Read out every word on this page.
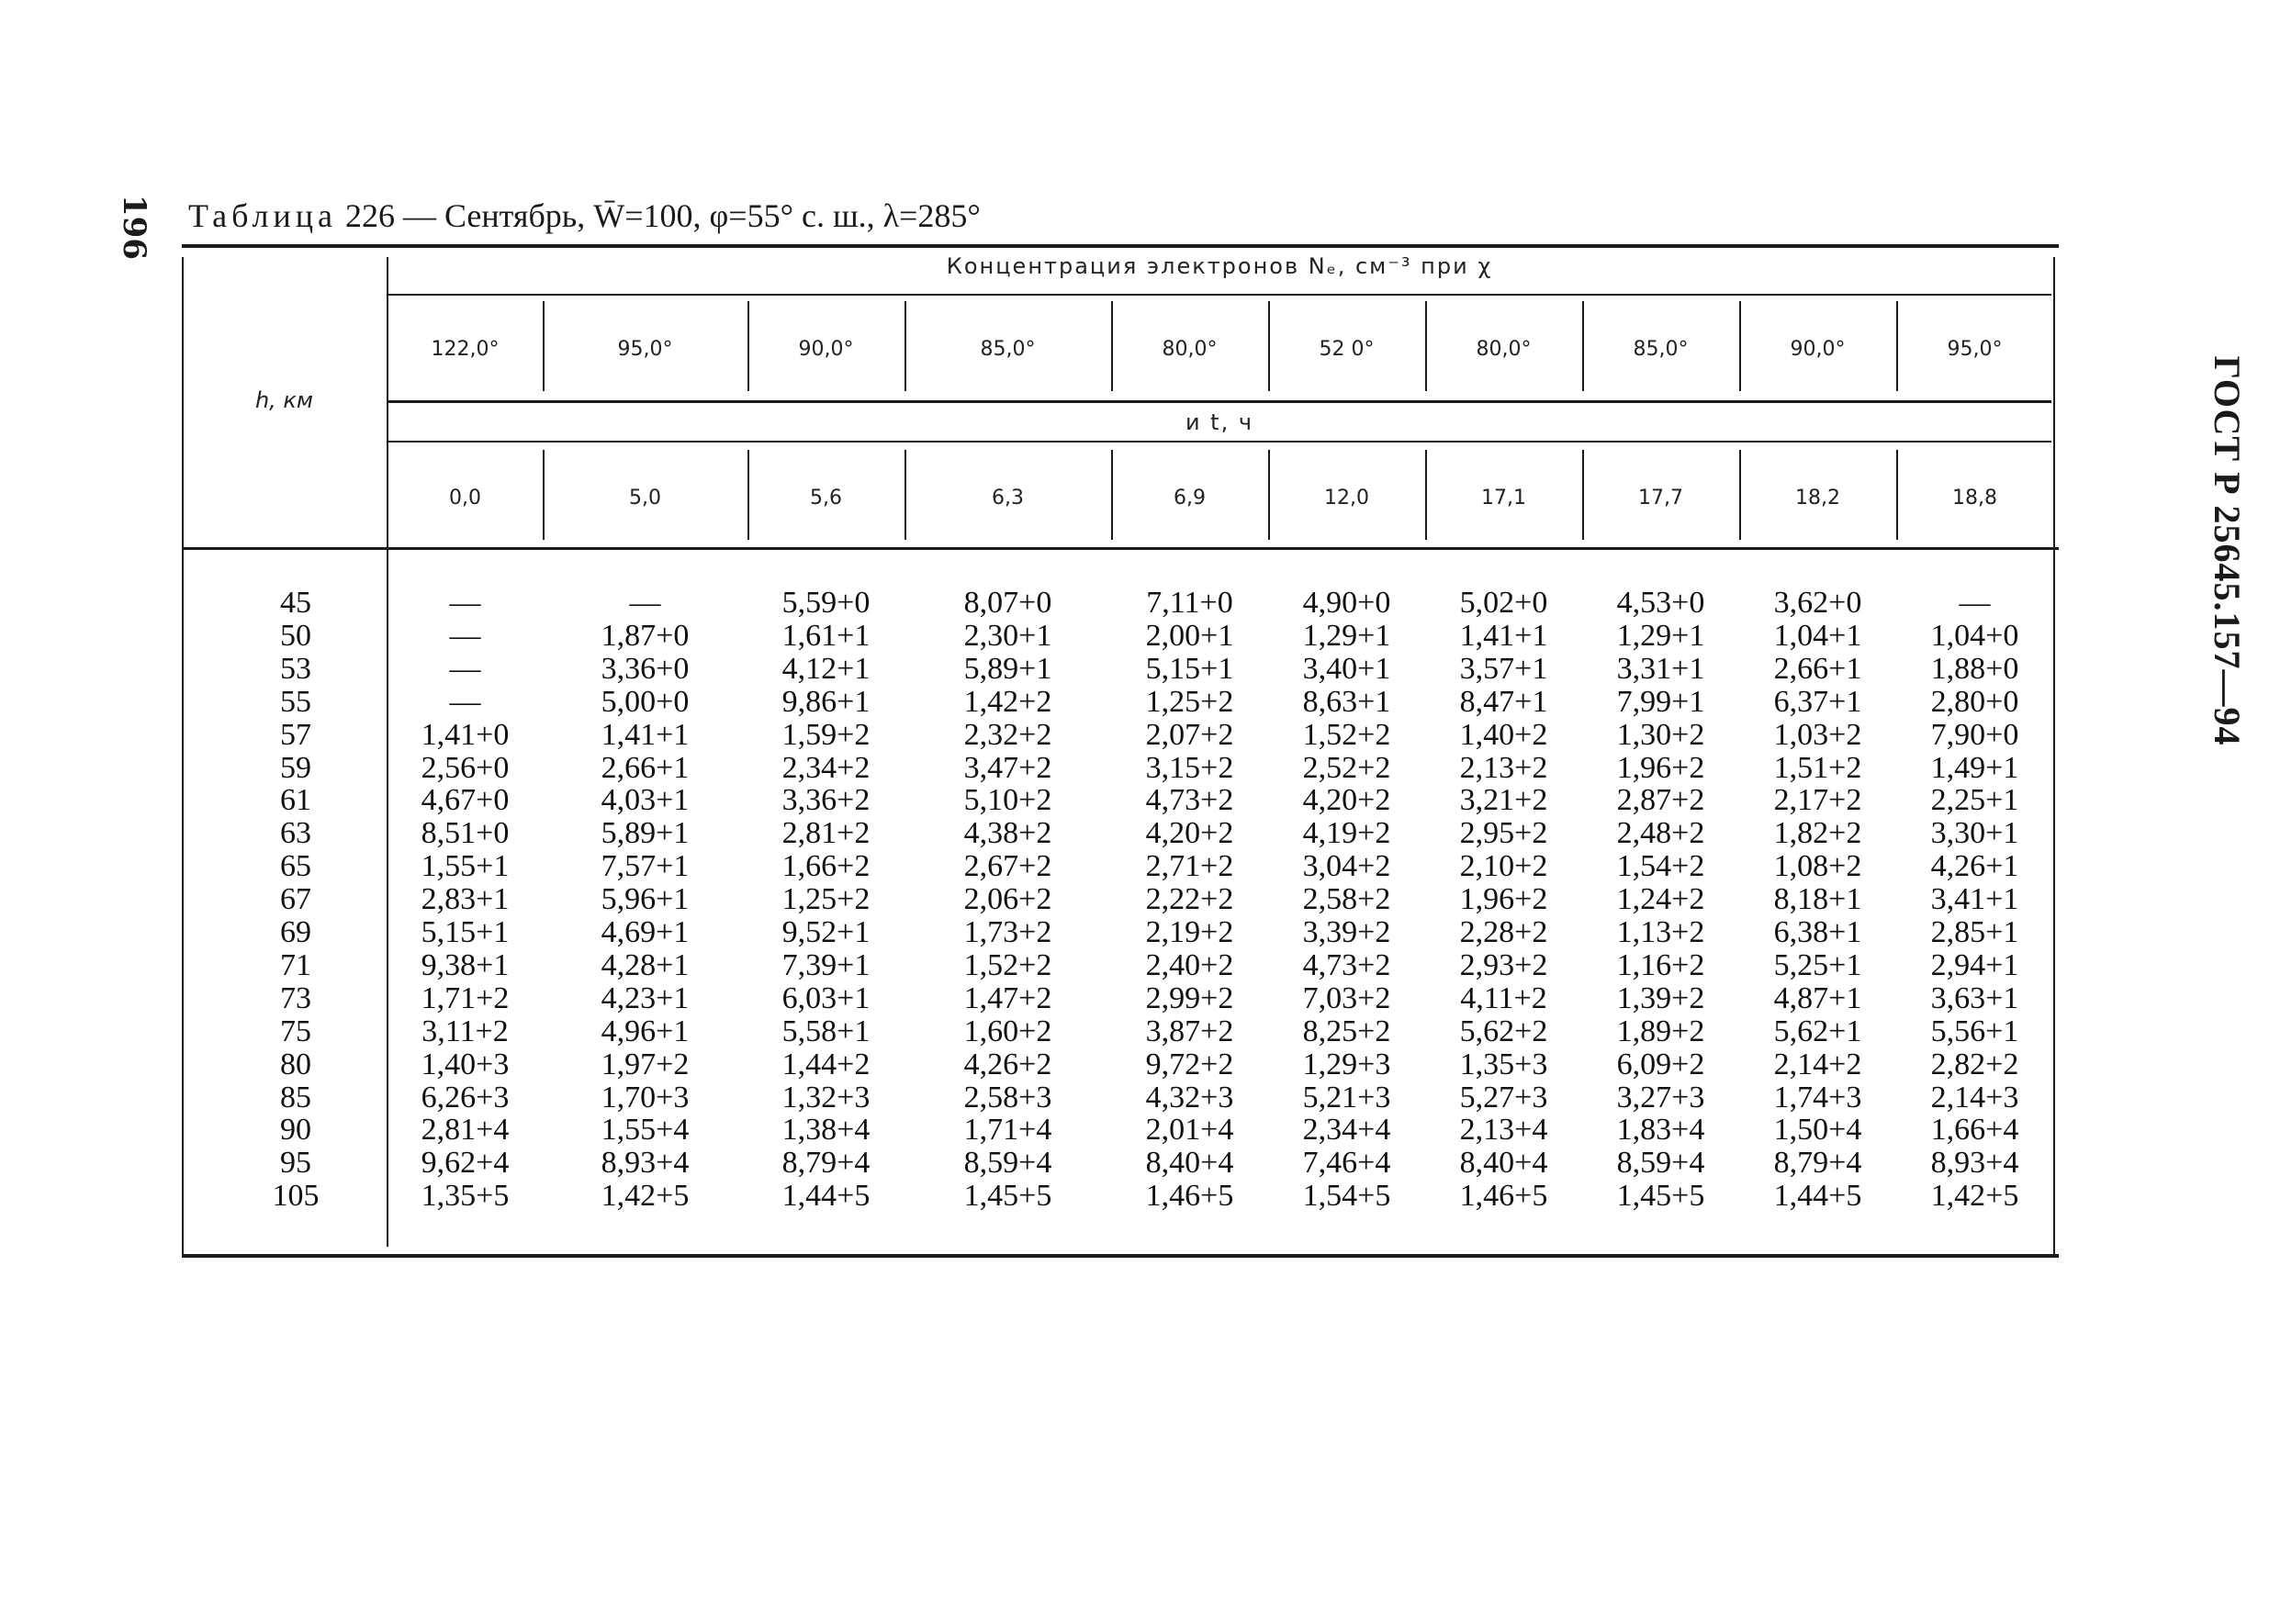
196
ГОСТ Р 25645.157—94
Таблица 226 — Сентябрь, W̄=100, φ=55° с. ш., λ=285°
h, км
Концентрация электронов Nₑ, см⁻³ при χ
и t, ч
122,0°	95,0°	90,0°	85,0°	80,0°	52 0°	80,0°	85,0°	90,0°	95,0°
0,0	5,0	5,6	6,3	6,9	12,0	17,1	17,7	18,2	18,8
45	—	—	5,59+0	8,07+0	7,11+0	4,90+0	5,02+0	4,53+0	3,62+0	—
50	—	1,87+0	1,61+1	2,30+1	2,00+1	1,29+1	1,41+1	1,29+1	1,04+1	1,04+0
53	—	3,36+0	4,12+1	5,89+1	5,15+1	3,40+1	3,57+1	3,31+1	2,66+1	1,88+0
55	—	5,00+0	9,86+1	1,42+2	1,25+2	8,63+1	8,47+1	7,99+1	6,37+1	2,80+0
57	1,41+0	1,41+1	1,59+2	2,32+2	2,07+2	1,52+2	1,40+2	1,30+2	1,03+2	7,90+0
59	2,56+0	2,66+1	2,34+2	3,47+2	3,15+2	2,52+2	2,13+2	1,96+2	1,51+2	1,49+1
61	4,67+0	4,03+1	3,36+2	5,10+2	4,73+2	4,20+2	3,21+2	2,87+2	2,17+2	2,25+1
63	8,51+0	5,89+1	2,81+2	4,38+2	4,20+2	4,19+2	2,95+2	2,48+2	1,82+2	3,30+1
65	1,55+1	7,57+1	1,66+2	2,67+2	2,71+2	3,04+2	2,10+2	1,54+2	1,08+2	4,26+1
67	2,83+1	5,96+1	1,25+2	2,06+2	2,22+2	2,58+2	1,96+2	1,24+2	8,18+1	3,41+1
69	5,15+1	4,69+1	9,52+1	1,73+2	2,19+2	3,39+2	2,28+2	1,13+2	6,38+1	2,85+1
71	9,38+1	4,28+1	7,39+1	1,52+2	2,40+2	4,73+2	2,93+2	1,16+2	5,25+1	2,94+1
73	1,71+2	4,23+1	6,03+1	1,47+2	2,99+2	7,03+2	4,11+2	1,39+2	4,87+1	3,63+1
75	3,11+2	4,96+1	5,58+1	1,60+2	3,87+2	8,25+2	5,62+2	1,89+2	5,62+1	5,56+1
80	1,40+3	1,97+2	1,44+2	4,26+2	9,72+2	1,29+3	1,35+3	6,09+2	2,14+2	2,82+2
85	6,26+3	1,70+3	1,32+3	2,58+3	4,32+3	5,21+3	5,27+3	3,27+3	1,74+3	2,14+3
90	2,81+4	1,55+4	1,38+4	1,71+4	2,01+4	2,34+4	2,13+4	1,83+4	1,50+4	1,66+4
95	9,62+4	8,93+4	8,79+4	8,59+4	8,40+4	7,46+4	8,40+4	8,59+4	8,79+4	8,93+4
105	1,35+5	1,42+5	1,44+5	1,45+5	1,46+5	1,54+5	1,46+5	1,45+5	1,44+5	1,42+5
